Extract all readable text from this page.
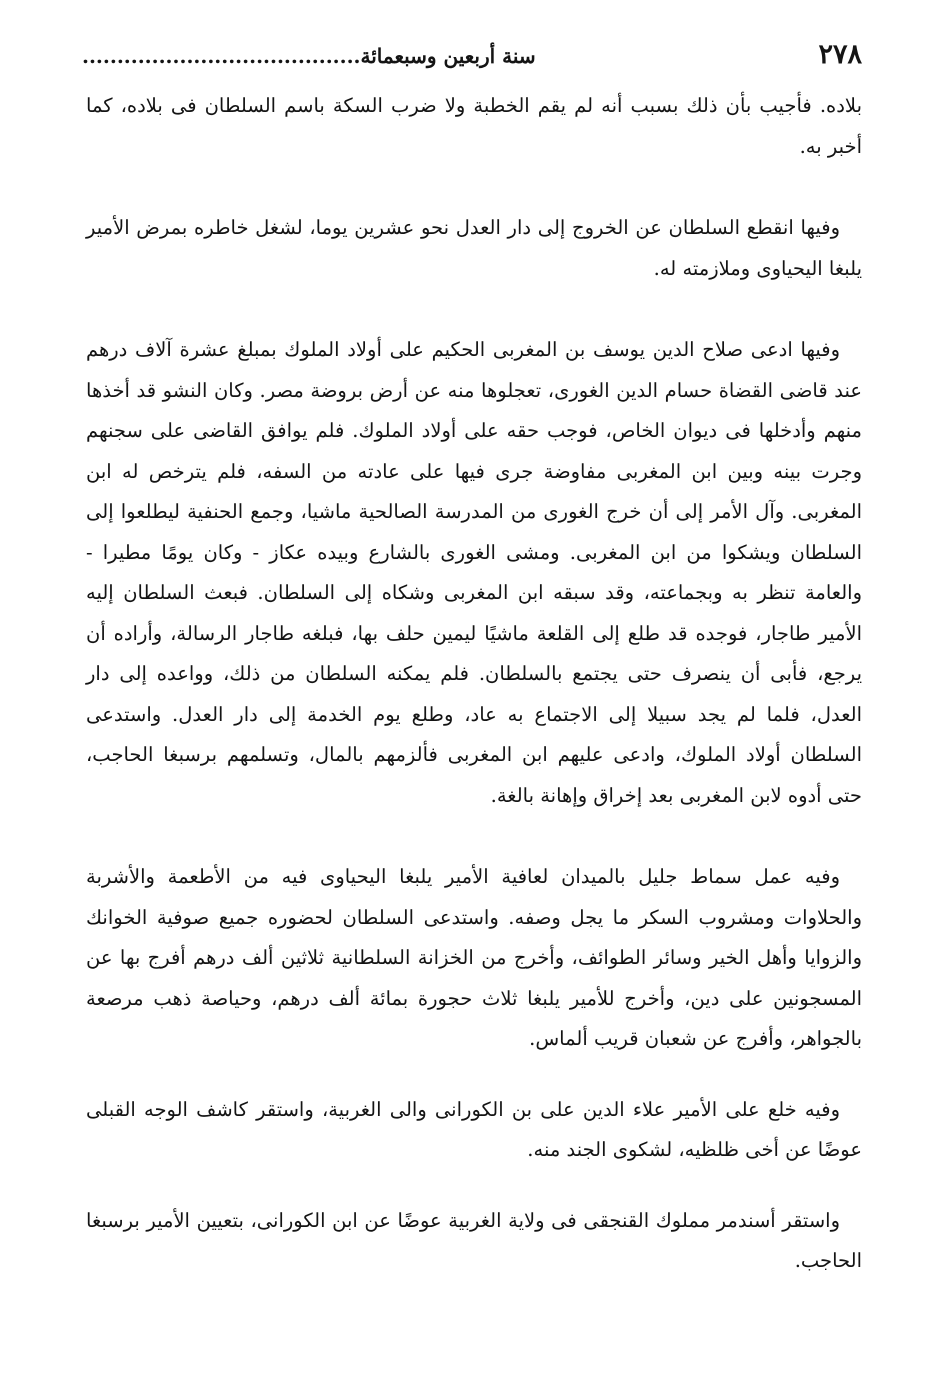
٢٧٨
سنة أربعين وسبعمائة........................................

بلاده. فأجيب بأن ذلك بسبب أنه لم يقم الخطبة ولا ضرب السكة باسم السلطان فى بلاده، كما أخبر به.

وفيها انقطع السلطان عن الخروج إلى دار العدل نحو عشرين يوما، لشغل خاطره بمرض الأمير يلبغا اليحياوى وملازمته له.

وفيها ادعى صلاح الدين يوسف بن المغربى الحكيم على أولاد الملوك بمبلغ عشرة آلاف درهم عند قاضى القضاة حسام الدين الغورى، تعجلوها منه عن أرض بروضة مصر. وكان النشو قد أخذها منهم وأدخلها فى ديوان الخاص، فوجب حقه على أولاد الملوك. فلم يوافق القاضى على سجنهم وجرت بينه وبين ابن المغربى مفاوضة جرى فيها على عادته من السفه، فلم يترخص له ابن المغربى. وآل الأمر إلى أن خرج الغورى من المدرسة الصالحية ماشيا، وجمع الحنفية ليطلعوا إلى السلطان ويشكوا من ابن المغربى. ومشى الغورى بالشارع وبيده عكاز - وكان يومًا مطيرا - والعامة تنظر به وبجماعته، وقد سبقه ابن المغربى وشكاه إلى السلطان. فبعث السلطان إليه الأمير طاجار، فوجده قد طلع إلى القلعة ماشيًا ليمين حلف بها، فبلغه طاجار الرسالة، وأراده أن يرجع، فأبى أن ينصرف حتى يجتمع بالسلطان. فلم يمكنه السلطان من ذلك، وواعده إلى دار العدل، فلما لم يجد سبيلا إلى الاجتماع به عاد، وطلع يوم الخدمة إلى دار العدل. واستدعى السلطان أولاد الملوك، وادعى عليهم ابن المغربى فألزمهم بالمال، وتسلمهم برسبغا الحاجب، حتى أدوه لابن المغربى بعد إخراق وإهانة بالغة.

وفيه عمل سماط جليل بالميدان لعافية الأمير يلبغا اليحياوى فيه من الأطعمة والأشربة والحلاوات ومشروب السكر ما يجل وصفه. واستدعى السلطان لحضوره جميع صوفية الخوانك والزوايا وأهل الخير وسائر الطوائف، وأخرج من الخزانة السلطانية ثلاثين ألف درهم أفرج بها عن المسجونين على دين، وأخرج للأمير يلبغا ثلاث حجورة بمائة ألف درهم، وحياصة ذهب مرصعة بالجواهر، وأفرج عن شعبان قريب ألماس.

وفيه خلع على الأمير علاء الدين على بن الكورانى والى الغربية، واستقر كاشف الوجه القبلى عوضًا عن أخى ظلظيه، لشكوى الجند منه.

واستقر أسندمر مملوك القنجقى فى ولاية الغربية عوضًا عن ابن الكورانى، بتعيين الأمير برسبغا الحاجب.
